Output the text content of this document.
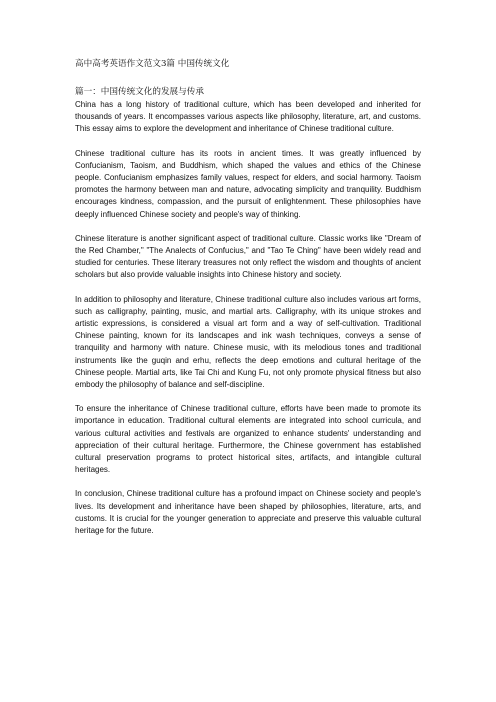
高中高考英语作文范文3篇 中国传统文化
篇一：中国传统文化的发展与传承

China has a long history of traditional culture, which has been developed and inherited for thousands of years. It encompasses various aspects like philosophy, literature, art, and customs. This essay aims to explore the development and inheritance of Chinese traditional culture.

Chinese traditional culture has its roots in ancient times. It was greatly influenced by Confucianism, Taoism, and Buddhism, which shaped the values and ethics of the Chinese people. Confucianism emphasizes family values, respect for elders, and social harmony. Taoism promotes the harmony between man and nature, advocating simplicity and tranquility. Buddhism encourages kindness, compassion, and the pursuit of enlightenment. These philosophies have deeply influenced Chinese society and people's way of thinking.

Chinese literature is another significant aspect of traditional culture. Classic works like "Dream of the Red Chamber," "The Analects of Confucius," and "Tao Te Ching" have been widely read and studied for centuries. These literary treasures not only reflect the wisdom and thoughts of ancient scholars but also provide valuable insights into Chinese history and society.

In addition to philosophy and literature, Chinese traditional culture also includes various art forms, such as calligraphy, painting, music, and martial arts. Calligraphy, with its unique strokes and artistic expressions, is considered a visual art form and a way of self-cultivation. Traditional Chinese painting, known for its landscapes and ink wash techniques, conveys a sense of tranquility and harmony with nature. Chinese music, with its melodious tones and traditional instruments like the guqin and erhu, reflects the deep emotions and cultural heritage of the Chinese people. Martial arts, like Tai Chi and Kung Fu, not only promote physical fitness but also embody the philosophy of balance and self-discipline.

To ensure the inheritance of Chinese traditional culture, efforts have been made to promote its importance in education. Traditional cultural elements are integrated into school curricula, and various cultural activities and festivals are organized to enhance students' understanding and appreciation of their cultural heritage. Furthermore, the Chinese government has established cultural preservation programs to protect historical sites, artifacts, and intangible cultural heritages.

In conclusion, Chinese traditional culture has a profound impact on Chinese society and people's lives. Its development and inheritance have been shaped by philosophies, literature, arts, and customs. It is crucial for the younger generation to appreciate and preserve this valuable cultural heritage for the future.
